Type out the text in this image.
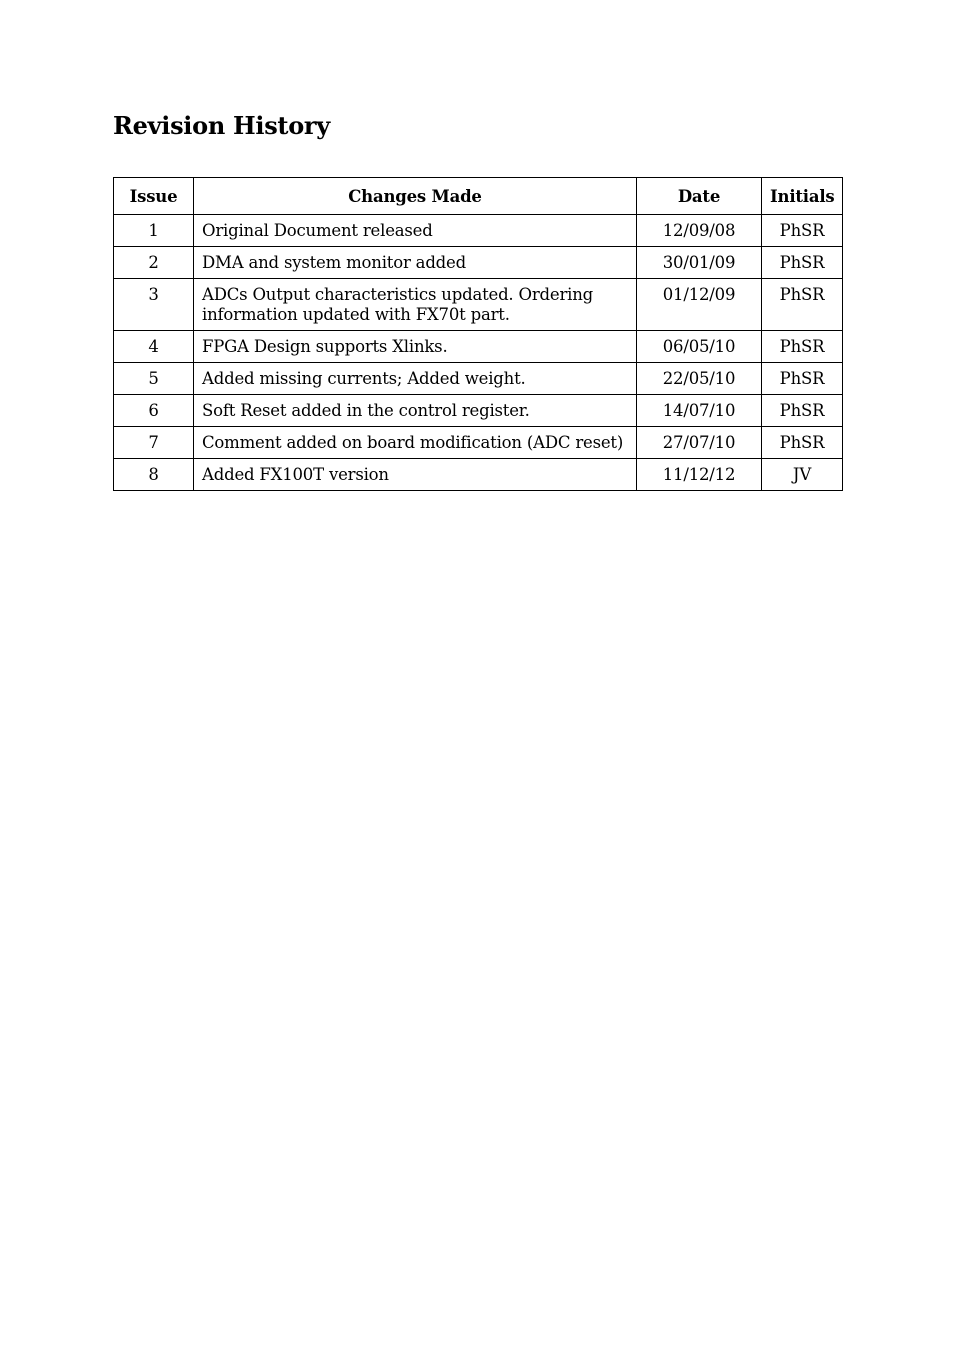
Revision History
Issue	Changes Made	Date	Initials
1	Original Document released	12/09/08	PhSR
2	DMA and system monitor added	30/01/09	PhSR
3	ADCs Output characteristics updated. Ordering information updated with FX70t part.	01/12/09	PhSR
4	FPGA Design supports Xlinks.	06/05/10	PhSR
5	Added missing currents; Added weight.	22/05/10	PhSR
6	Soft Reset added in the control register.	14/07/10	PhSR
7	Comment added on board modification (ADC reset)	27/07/10	PhSR
8	Added FX100T version	11/12/12	JV
